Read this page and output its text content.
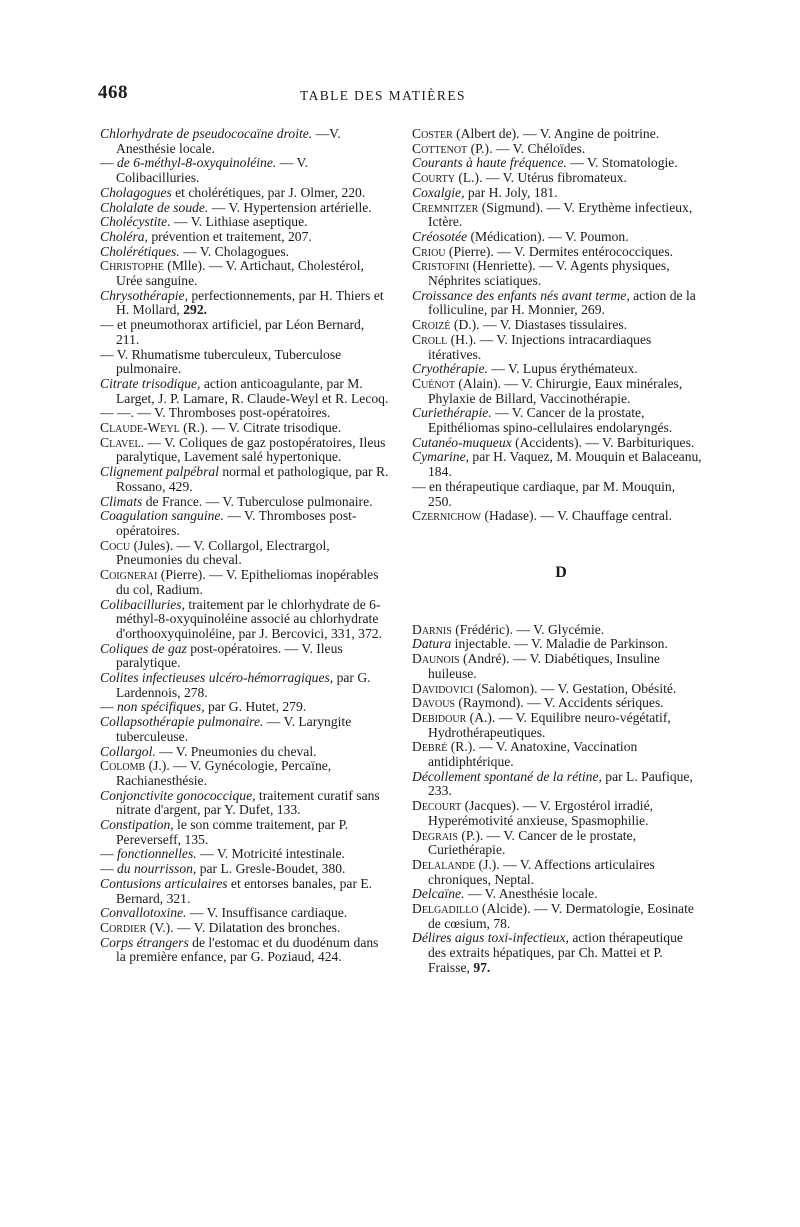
468	TABLE DES MATIÈRES

Chlorhydrate de pseudococaïne droite. —V. Anesthésie locale.

— de 6-méthyl-8-oxyquinoléine. — V. Colibacilluries.

Cholagogues et cholérétiques, par J. Olmer, 220.

Cholalate de soude. — V. Hypertension artérielle.

Cholécystite. — V. Lithiase aseptique.

Choléra, prévention et traitement, 207.

Cholérétiques. — V. Cholagogues.

Christophe (Mlle). — V. Artichaut, Cholestérol, Urée sanguine.

Chrysothérapie, perfectionnements, par H. Thiers et H. Mollard, 292.

— et pneumothorax artificiel, par Léon Bernard, 211.

— V. Rhumatisme tuberculeux, Tuberculose pulmonaire.

Citrate trisodique, action anticoagulante, par M. Larget, J. P. Lamare, R. Claude-Weyl et R. Lecoq.

— —. — V. Thromboses post-opératoires.

Claude-Weyl (R.). — V. Citrate trisodique.

Clavel. — V. Coliques de gaz postopératoires, Ileus paralytique, Lavement salé hypertonique.

Clignement palpébral normal et pathologique, par R. Rossano, 429.

Climats de France. — V. Tuberculose pulmonaire.

Coagulation sanguine. — V. Thromboses post-opératoires.

Cocu (Jules). — V. Collargol, Electrargol, Pneumonies du cheval.

Coignerai (Pierre). — V. Epitheliomas inopérables du col, Radium.

Colibacilluries, traitement par le chlorhydrate de 6-méthyl-8-oxyquinoléine associé au chlorhydrate d'orthooxyquinoléine, par J. Bercovici, 331, 372.

Coliques de gaz post-opératoires. — V. Ileus paralytique.

Colites infectieuses ulcéro-hémorragiques, par G. Lardennois, 278.

— non spécifiques, par G. Hutet, 279.

Collapsothérapie pulmonaire. — V. Laryngite tuberculeuse.

Collargol. — V. Pneumonies du cheval.

Colomb (J.). — V. Gynécologie, Percaïne, Rachianesthésie.

Conjonctivite gonococcique, traitement curatif sans nitrate d'argent, par Y. Dufet, 133.

Constipation, le son comme traitement, par P. Pereverseff, 135.

— fonctionnelles. — V. Motricité intestinale.

— du nourrisson, par L. Gresle-Boudet, 380.

Contusions articulaires et entorses banales, par E. Bernard, 321.

Convallotoxine. — V. Insuffisance cardiaque.

Cordier (V.). — V. Dilatation des bronches.

Corps étrangers de l'estomac et du duodénum dans la première enfance, par G. Poziaud, 424.

Coster (Albert de). — V. Angine de poitrine.

Cottenot (P.). — V. Chéloïdes.

Courants à haute fréquence. — V. Stomatologie.

Courty (L.). — V. Utérus fibromateux.

Coxalgie, par H. Joly, 181.

Cremnitzer (Sigmund). — V. Erythème infectieux, Ictère.

Créosotée (Médication). — V. Poumon.

Criou (Pierre). — V. Dermites entérococciques.

Cristofini (Henriette). — V. Agents physiques, Néphrites sciatiques.

Croissance des enfants nés avant terme, action de la folliculine, par H. Monnier, 269.

Croizé (D.). — V. Diastases tissulaires.

Croll (H.). — V. Injections intracardiaques itératives.

Cryothérapie. — V. Lupus érythémateux.

Cuénot (Alain). — V. Chirurgie, Eaux minérales, Phylaxie de Billard, Vaccinothérapie.

Curiethérapie. — V. Cancer de la prostate, Epithéliomas spino-cellulaires endolaryngés.

Cutanéo-muqueux (Accidents). — V. Barbituriques.

Cymarine, par H. Vaquez, M. Mouquin et Balaceanu, 184.

— en thérapeutique cardiaque, par M. Mouquin, 250.

Czernichow (Hadase). — V. Chauffage central.

D

Darnis (Frédéric). — V. Glycémie.

Datura injectable. — V. Maladie de Parkinson.

Daunois (André). — V. Diabétiques, Insuline huileuse.

Davidovici (Salomon). — V. Gestation, Obésité.

Davous (Raymond). — V. Accidents sériques.

Debidour (A.). — V. Equilibre neuro-végétatif, Hydrothérapeutiques.

Debré (R.). — V. Anatoxine, Vaccination antidiphtérique.

Décollement spontané de la rétine, par L. Paufique, 233.

Decourt (Jacques). — V. Ergostérol irradié, Hyperémotivité anxieuse, Spasmophilie.

Degrais (P.). — V. Cancer de le prostate, Curiethérapie.

Delalande (J.). — V. Affections articulaires chroniques, Neptal.

Delcaïne. — V. Anesthésie locale.

Delgadillo (Alcide). — V. Dermatologie, Eosinate de cœsium, 78.

Délires aigus toxi-infectieux, action thérapeutique des extraits hépatiques, par Ch. Mattei et P. Fraisse, 97.
